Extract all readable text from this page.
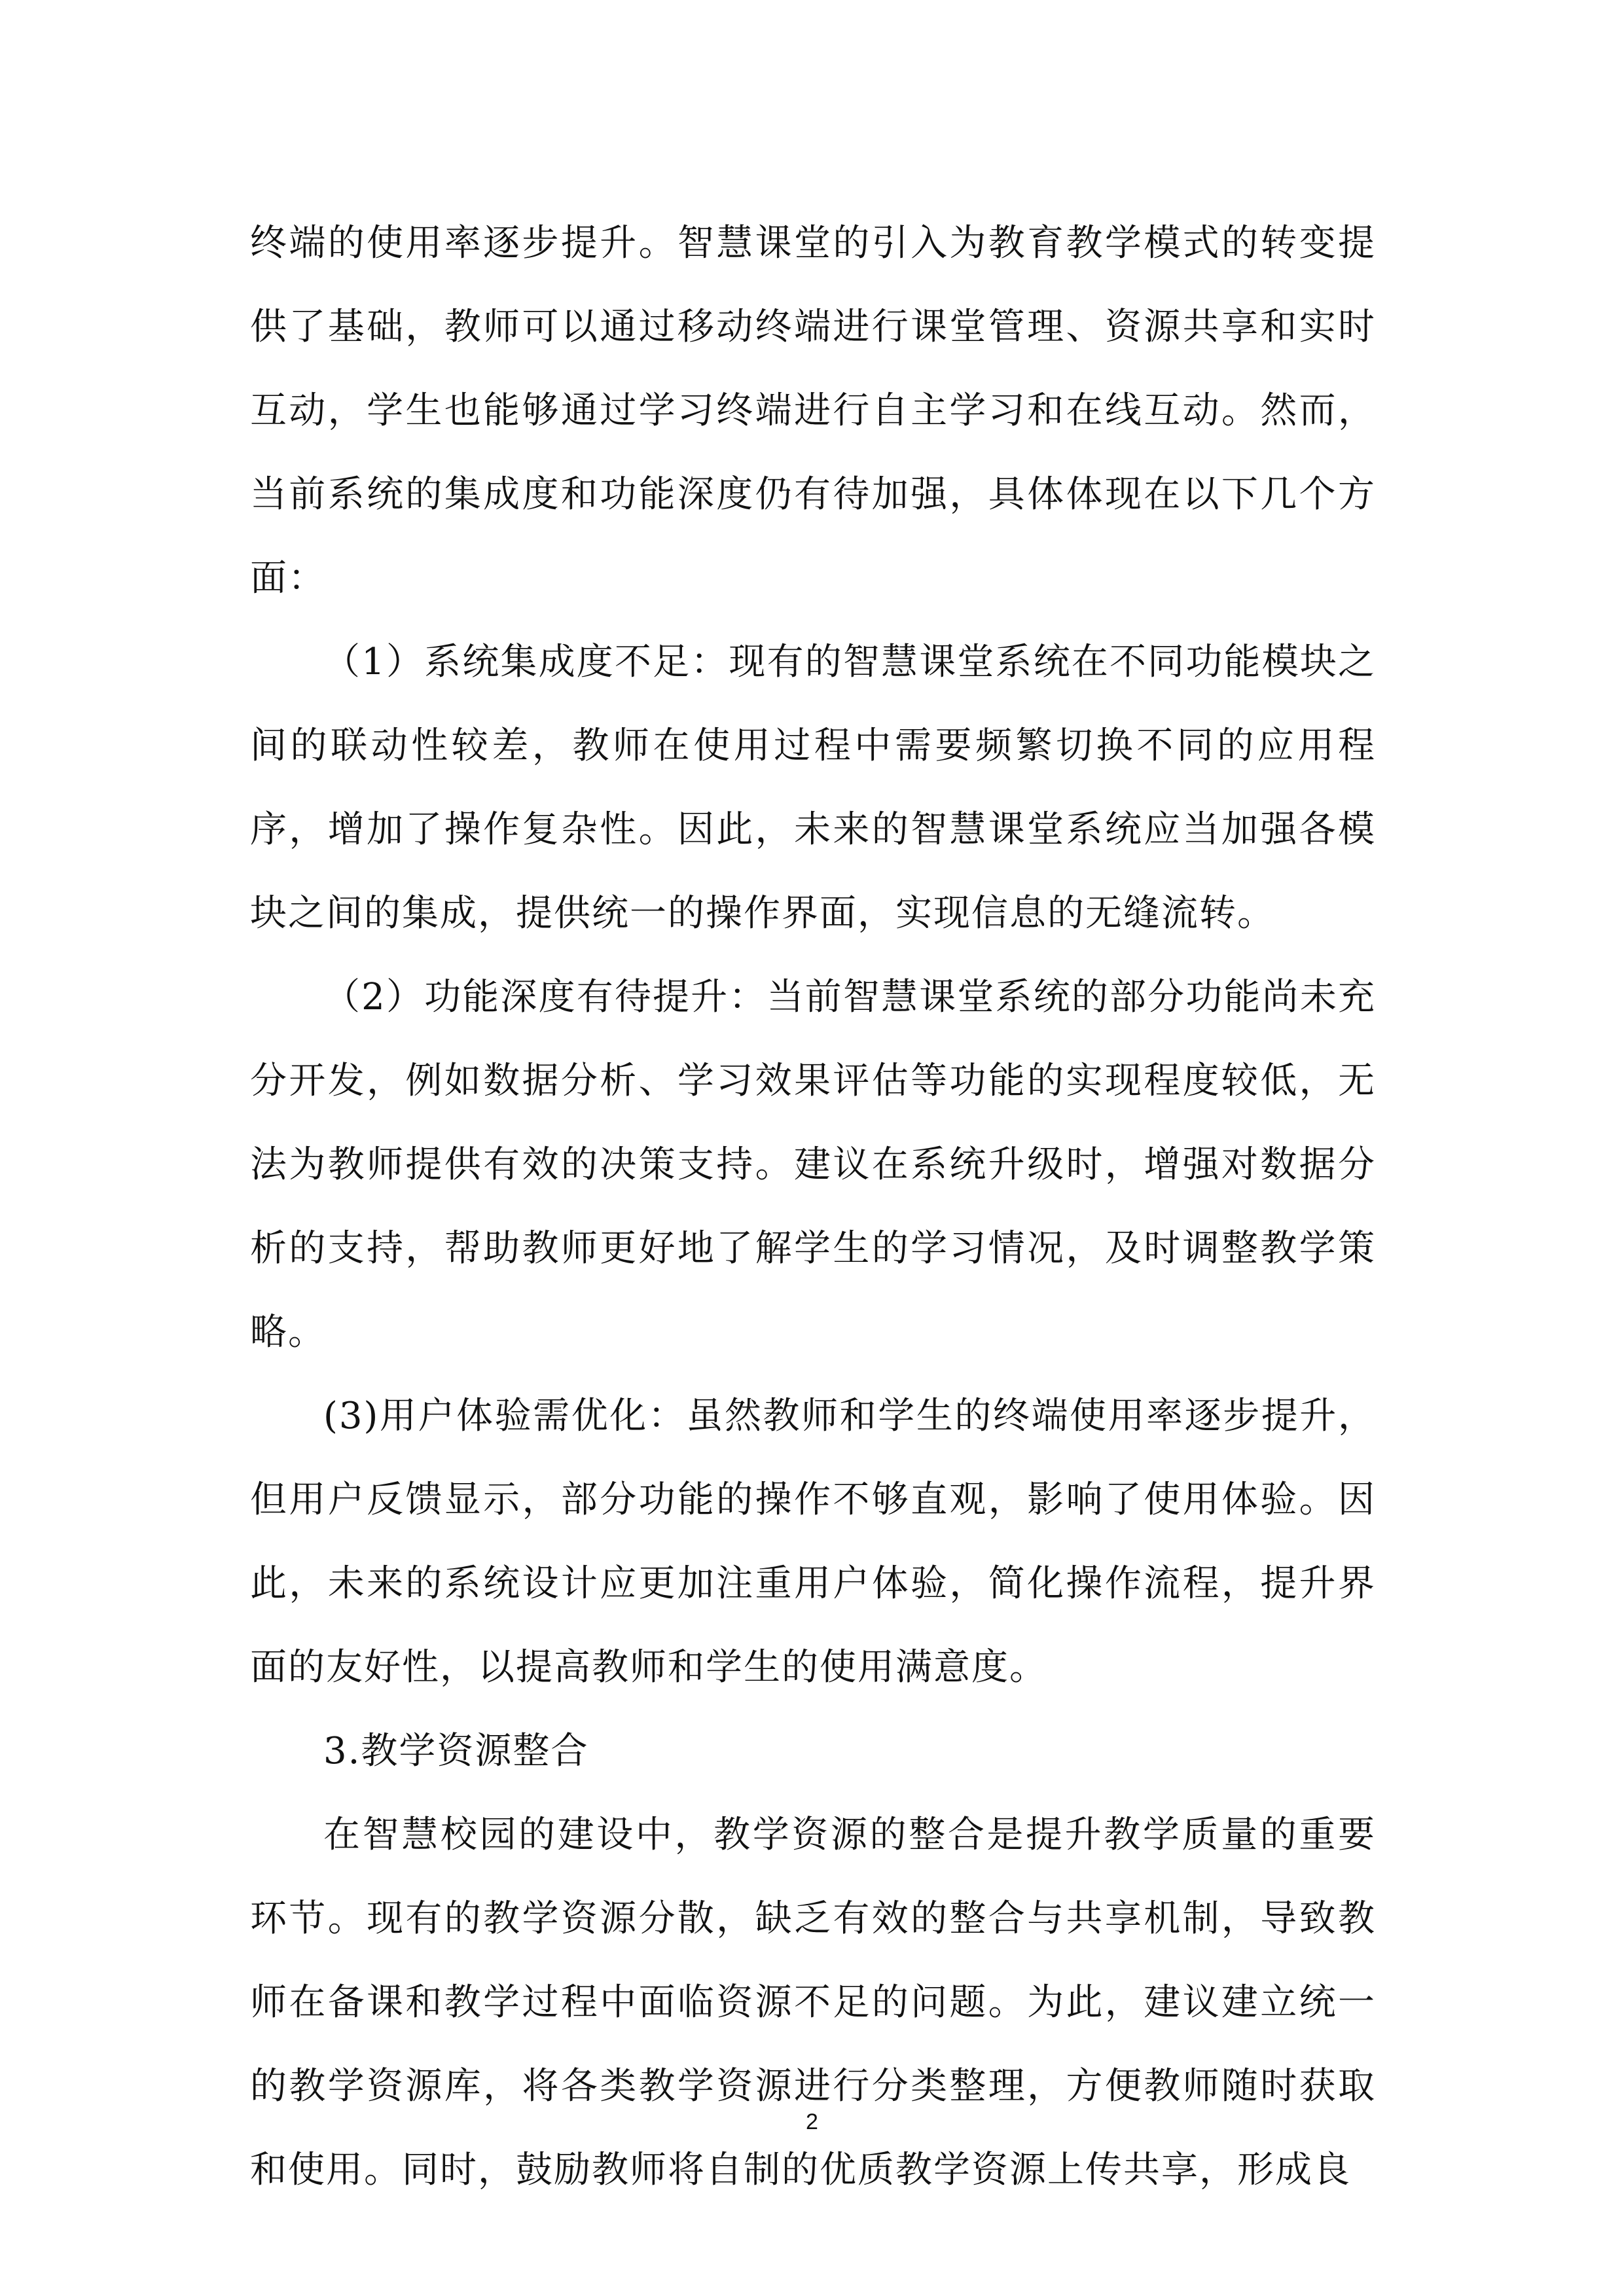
终端的使用率逐步提升。智慧课堂的引入为教育教学模式的转变提供了基础，教师可以通过移动终端进行课堂管理、资源共享和实时互动，学生也能够通过学习终端进行自主学习和在线互动。然而，当前系统的集成度和功能深度仍有待加强，具体体现在以下几个方面：

（1）系统集成度不足：现有的智慧课堂系统在不同功能模块之间的联动性较差，教师在使用过程中需要频繁切换不同的应用程序，增加了操作复杂性。因此，未来的智慧课堂系统应当加强各模块之间的集成，提供统一的操作界面，实现信息的无缝流转。

（2）功能深度有待提升：当前智慧课堂系统的部分功能尚未充分开发，例如数据分析、学习效果评估等功能的实现程度较低，无法为教师提供有效的决策支持。建议在系统升级时，增强对数据分析的支持，帮助教师更好地了解学生的学习情况，及时调整教学策略。

(3)用户体验需优化：虽然教师和学生的终端使用率逐步提升，但用户反馈显示，部分功能的操作不够直观，影响了使用体验。因此，未来的系统设计应更加注重用户体验，简化操作流程，提升界面的友好性，以提高教师和学生的使用满意度。

3.教学资源整合

在智慧校园的建设中，教学资源的整合是提升教学质量的重要环节。现有的教学资源分散，缺乏有效的整合与共享机制，导致教师在备课和教学过程中面临资源不足的问题。为此，建议建立统一的教学资源库，将各类教学资源进行分类整理，方便教师随时获取和使用。同时，鼓励教师将自制的优质教学资源上传共享，形成良

2
